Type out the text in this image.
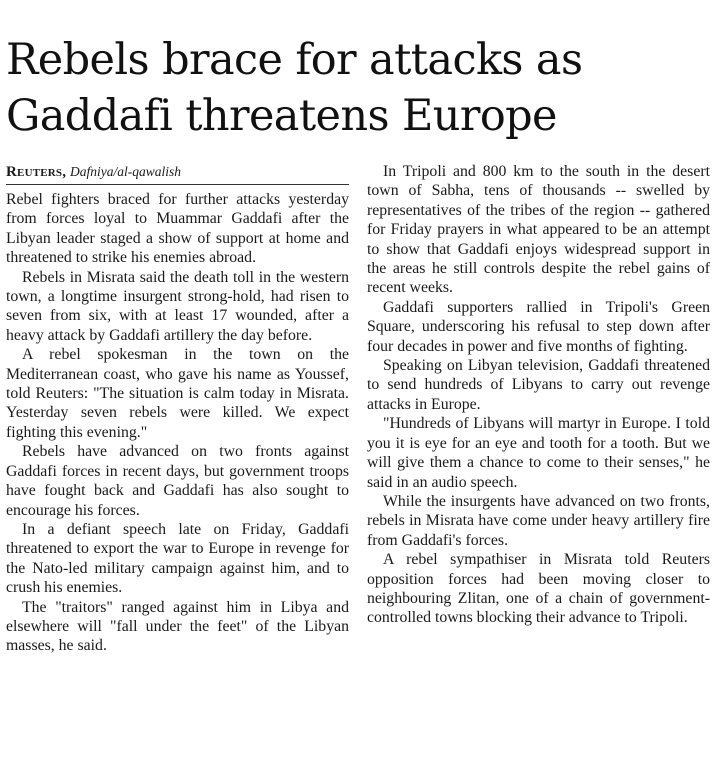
Rebels brace for attacks as
Gaddafi threatens Europe
Reuters, Dafniya/al-qawalish

Rebel fighters braced for further attacks yesterday from forces loyal to Muammar Gaddafi after the Libyan leader staged a show of support at home and threatened to strike his enemies abroad.

Rebels in Misrata said the death toll in the western town, a longtime insurgent strong-hold, had risen to seven from six, with at least 17 wounded, after a heavy attack by Gaddafi artillery the day before.

A rebel spokesman in the town on the Mediterranean coast, who gave his name as Youssef, told Reuters: "The situation is calm today in Misrata. Yesterday seven rebels were killed. We expect fighting this evening."

Rebels have advanced on two fronts against Gaddafi forces in recent days, but government troops have fought back and Gaddafi has also sought to encourage his forces.

In a defiant speech late on Friday, Gaddafi threatened to export the war to Europe in revenge for the Nato-led military campaign against him, and to crush his enemies.

The "traitors" ranged against him in Libya and elsewhere will "fall under the feet" of the Libyan masses, he said.

In Tripoli and 800 km to the south in the desert town of Sabha, tens of thousands -- swelled by representatives of the tribes of the region -- gathered for Friday prayers in what appeared to be an attempt to show that Gaddafi enjoys widespread support in the areas he still controls despite the rebel gains of recent weeks.

Gaddafi supporters rallied in Tripoli's Green Square, underscoring his refusal to step down after four decades in power and five months of fighting.

Speaking on Libyan television, Gaddafi threatened to send hundreds of Libyans to carry out revenge attacks in Europe.

"Hundreds of Libyans will martyr in Europe. I told you it is eye for an eye and tooth for a tooth. But we will give them a chance to come to their senses," he said in an audio speech.

While the insurgents have advanced on two fronts, rebels in Misrata have come under heavy artillery fire from Gaddafi's forces.

A rebel sympathiser in Misrata told Reuters opposition forces had been moving closer to neighbouring Zlitan, one of a chain of government-controlled towns blocking their advance to Tripoli.
